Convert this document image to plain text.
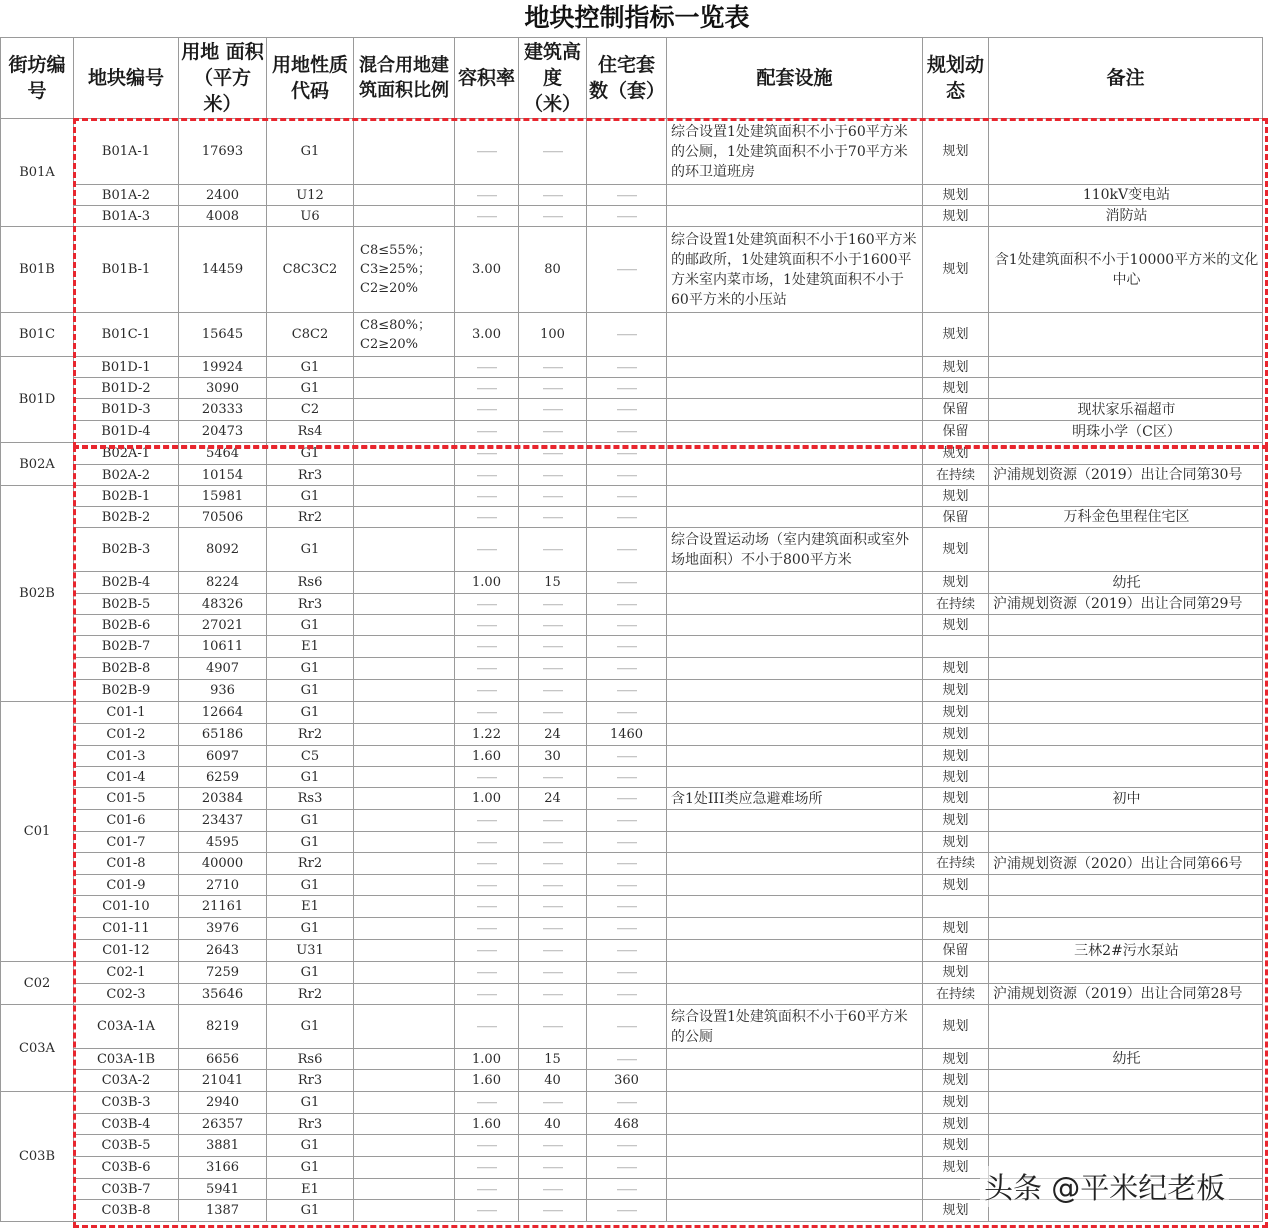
地块控制指标一览表
街坊编号	地块编号	用地 面积（平方米）	用地性质代码	混合用地建筑面积比例	容积率	建筑高度（米）	住宅套数（套）	配套设施	规划动态	备注
B01A	B01A-1	17693	G1		——	——		综合设置1处建筑面积不小于60平方米的公厕，1处建筑面积不小于70平方米的环卫道班房	规划	
	B01A-2	2400	U12		——	——	——		规划	110kV变电站
	B01A-3	4008	U6		——	——	——		规划	消防站
B01B	B01B-1	14459	C8C3C2	C8≤55%；C3≥25%；C2≥20%	3.00	80	——	综合设置1处建筑面积不小于160平方米的邮政所，1处建筑面积不小于1600平方米室内菜市场，1处建筑面积不小于60平方米的小压站	规划	含1处建筑面积不小于10000平方米的文化中心
B01C	B01C-1	15645	C8C2	C8≤80%；C2≥20%	3.00	100	——		规划	
B01D	B01D-1	19924	G1		——	——	——		规划	
	B01D-2	3090	G1		——	——	——		规划	
	B01D-3	20333	C2		——	——	——		保留	现状家乐福超市
	B01D-4	20473	Rs4		——	——	——		保留	明珠小学（C区）
B02A	B02A-1	5464	G1		——	——	——		规划	
	B02A-2	10154	Rr3		——	——	——		在持续	沪浦规划资源（2019）出让合同第30号
B02B	B02B-1	15981	G1		——	——	——		规划	
	B02B-2	70506	Rr2		——	——	——		保留	万科金色里程住宅区
	B02B-3	8092	G1		——	——	——	综合设置运动场（室内建筑面积或室外场地面积）不小于800平方米	规划	
	B02B-4	8224	Rs6		1.00	15	——		规划	幼托
	B02B-5	48326	Rr3		——	——	——		在持续	沪浦规划资源（2019）出让合同第29号
	B02B-6	27021	G1		——	——	——		规划	
	B02B-7	10611	E1		——	——	——			
	B02B-8	4907	G1		——	——	——		规划	
	B02B-9	936	G1		——	——	——		规划	
C01	C01-1	12664	G1		——	——	——		规划	
	C01-2	65186	Rr2		1.22	24	1460		规划	
	C01-3	6097	C5		1.60	30	——		规划	
	C01-4	6259	G1		——	——	——		规划	
	C01-5	20384	Rs3		1.00	24	——	含1处III类应急避难场所	规划	初中
	C01-6	23437	G1		——	——	——		规划	
	C01-7	4595	G1		——	——	——		规划	
	C01-8	40000	Rr2		——	——	——		在持续	沪浦规划资源（2020）出让合同第66号
	C01-9	2710	G1		——	——	——		规划	
	C01-10	21161	E1		——	——	——			
	C01-11	3976	G1		——	——	——		规划	
	C01-12	2643	U31		——	——	——		保留	三林2#污水泵站
C02	C02-1	7259	G1		——	——	——		规划	
	C02-3	35646	Rr2		——	——	——		在持续	沪浦规划资源（2019）出让合同第28号
C03A	C03A-1A	8219	G1		——	——	——	综合设置1处建筑面积不小于60平方米的公厕	规划	
	C03A-1B	6656	Rs6		1.00	15	——		规划	幼托
	C03A-2	21041	Rr3		1.60	40	360		规划	
C03B	C03B-3	2940	G1		——	——	——		规划	
	C03B-4	26357	Rr3		1.60	40	468		规划	
	C03B-5	3881	G1		——	——	——		规划	
	C03B-6	3166	G1		——	——	——		规划	
	C03B-7	5941	E1		——	——	——			
	C03B-8	1387	G1		——	——	——		规划	
头条 @平米纪老板
